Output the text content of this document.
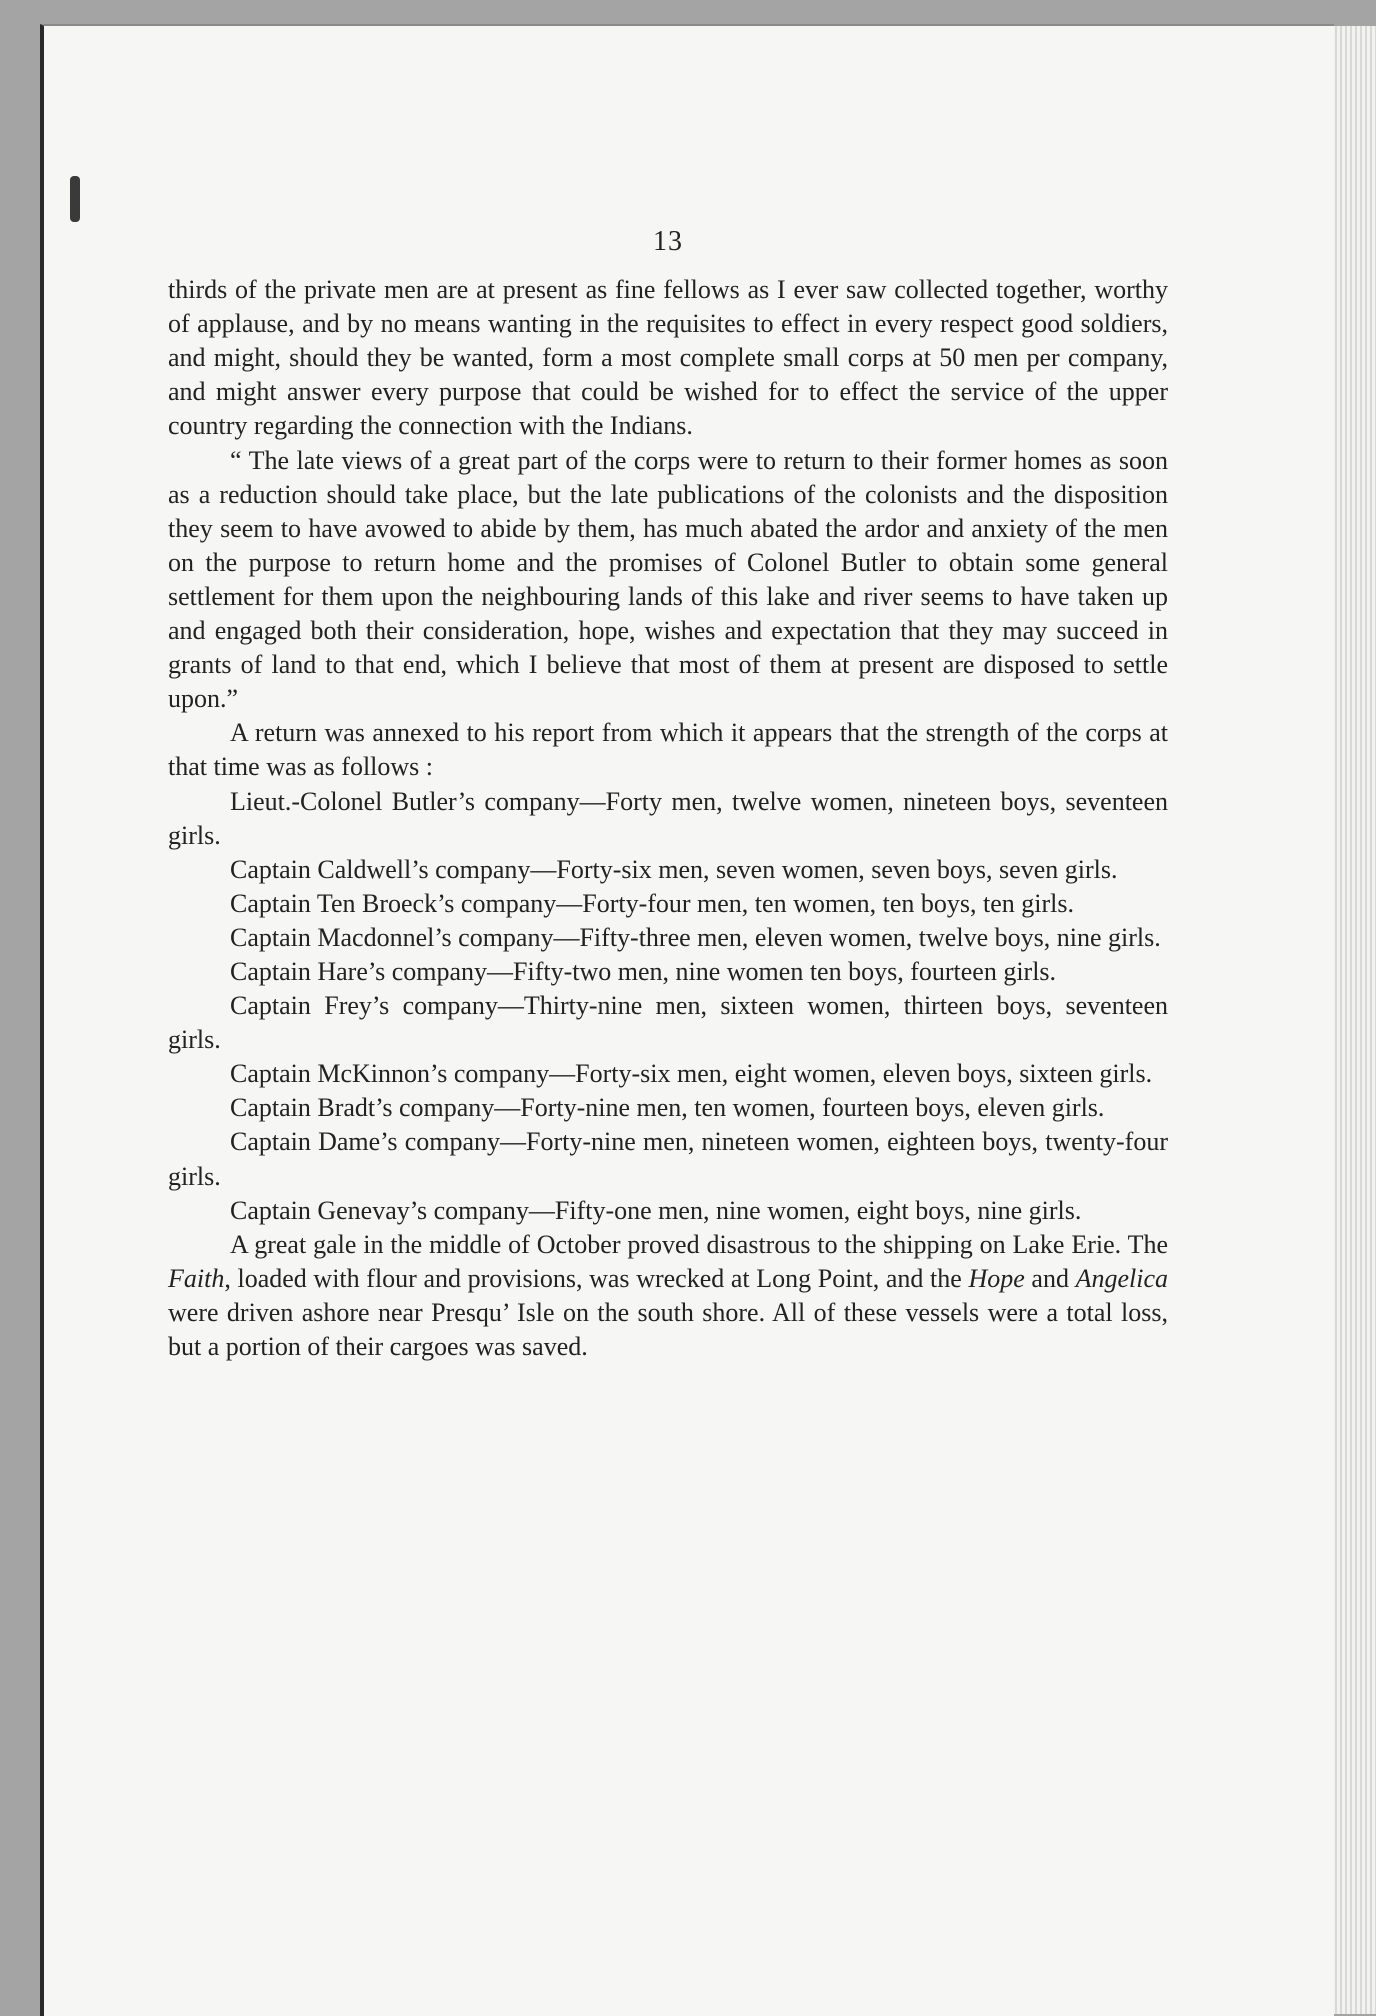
13

thirds of the private men are at present as fine fellows as I ever saw collected together, worthy of applause, and by no means wanting in the requisites to effect in every respect good soldiers, and might, should they be wanted, form a most complete small corps at 50 men per company, and might answer every purpose that could be wished for to effect the service of the upper country regarding the connection with the Indians.

“ The late views of a great part of the corps were to return to their former homes as soon as a reduction should take place, but the late publications of the colonists and the disposition they seem to have avowed to abide by them, has much abated the ardor and anxiety of the men on the purpose to return home and the promises of Colonel Butler to obtain some general settlement for them upon the neighbouring lands of this lake and river seems to have taken up and engaged both their consideration, hope, wishes and expectation that they may succeed in grants of land to that end, which I believe that most of them at present are disposed to settle upon.”

A return was annexed to his report from which it appears that the strength of the corps at that time was as follows :

Lieut.-Colonel Butler’s company—Forty men, twelve women, nineteen boys, seventeen girls.

Captain Caldwell’s company—Forty-six men, seven women, seven boys, seven girls.

Captain Ten Broeck’s company—Forty-four men, ten women, ten boys, ten girls.

Captain Macdonnel’s company—Fifty-three men, eleven women, twelve boys, nine girls.

Captain Hare’s company—Fifty-two men, nine women ten boys, fourteen girls.

Captain Frey’s company—Thirty-nine men, sixteen women, thirteen boys, seventeen girls.

Captain McKinnon’s company—Forty-six men, eight women, eleven boys, sixteen girls.

Captain Bradt’s company—Forty-nine men, ten women, fourteen boys, eleven girls.

Captain Dame’s company—Forty-nine men, nineteen women, eighteen boys, twenty-four girls.

Captain Genevay’s company—Fifty-one men, nine women, eight boys, nine girls.

A great gale in the middle of October proved disastrous to the shipping on Lake Erie. The Faith, loaded with flour and provisions, was wrecked at Long Point, and the Hope and Angelica were driven ashore near Presqu’ Isle on the south shore. All of these vessels were a total loss, but a portion of their cargoes was saved.
